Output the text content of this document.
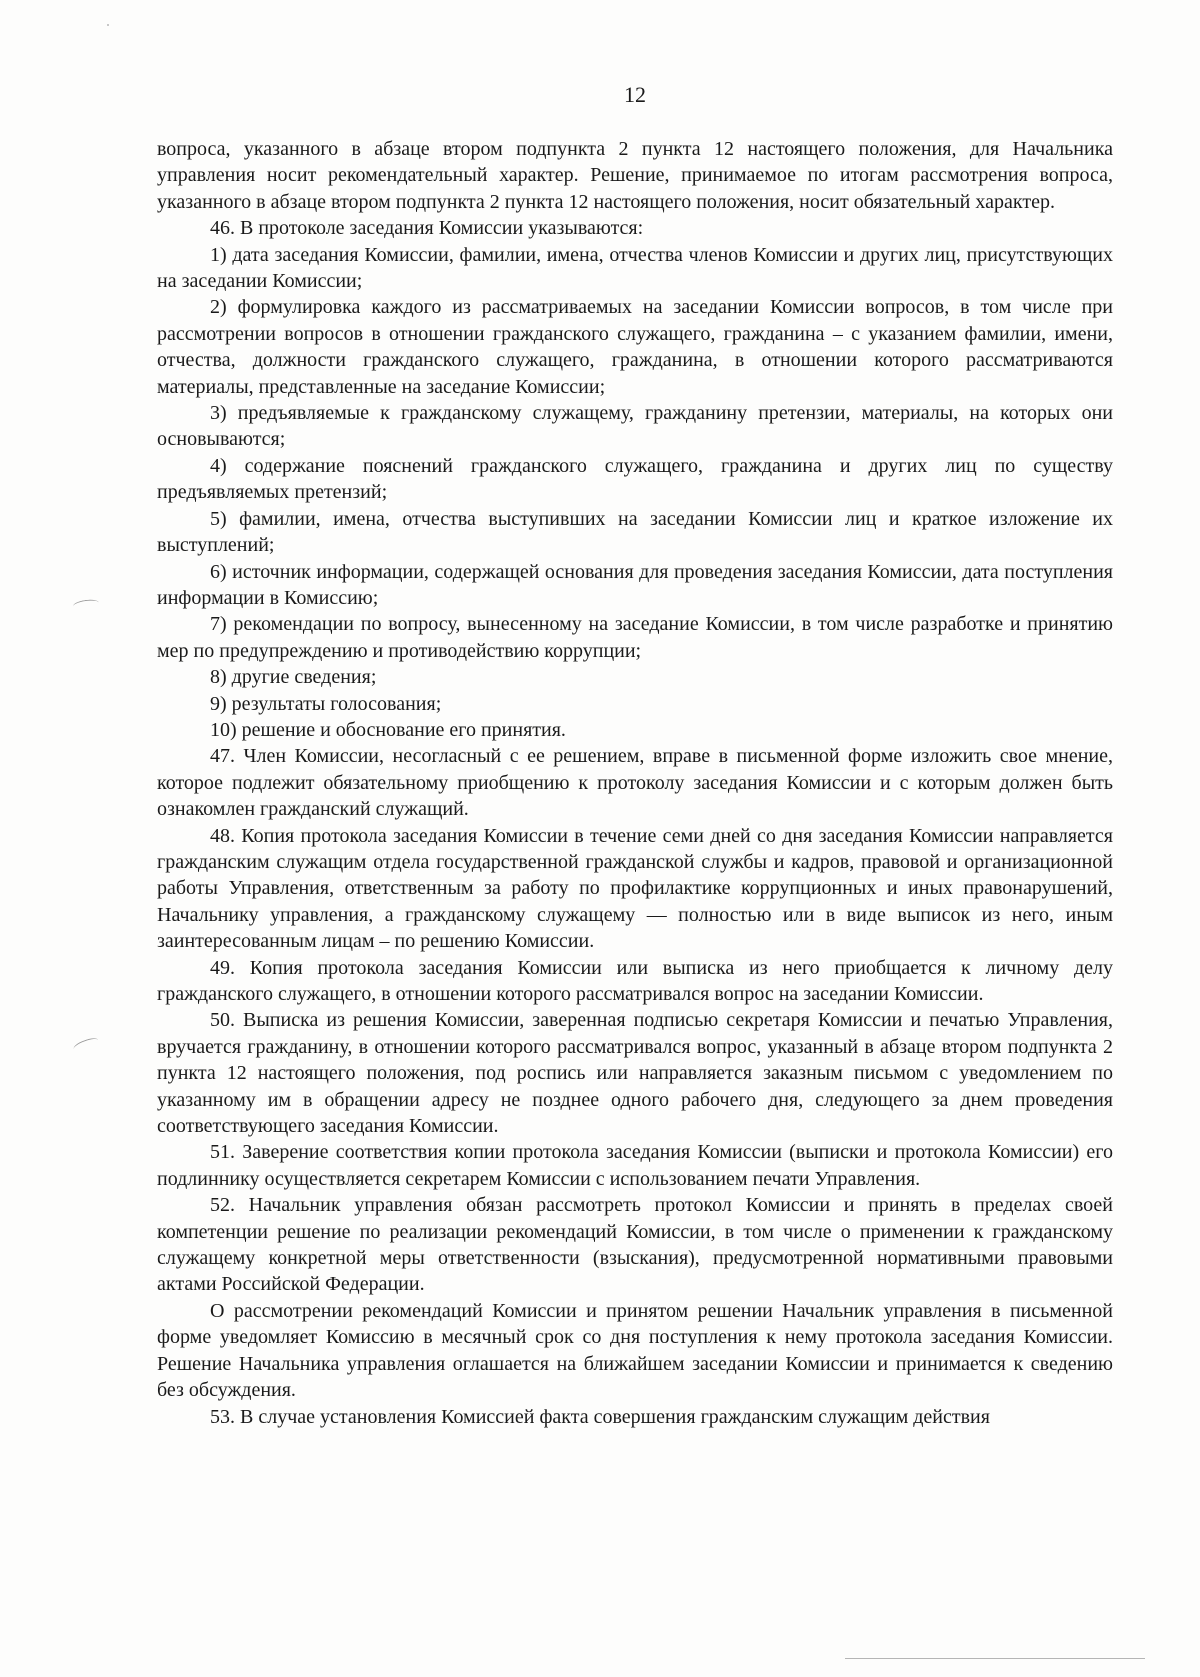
12

вопроса, указанного в абзаце втором подпункта 2 пункта 12 настоящего положения, для Начальника управления носит рекомендательный характер. Решение, принимаемое по итогам рассмотрения вопроса, указанного в абзаце втором подпункта 2 пункта 12 настоящего положения, носит обязательный характер.

46. В протоколе заседания Комиссии указываются:

1) дата заседания Комиссии, фамилии, имена, отчества членов Комиссии и других лиц, присутствующих на заседании Комиссии;

2) формулировка каждого из рассматриваемых на заседании Комиссии вопросов, в том числе при рассмотрении вопросов в отношении гражданского служащего, гражданина – с указанием фамилии, имени, отчества, должности гражданского служащего, гражданина, в отношении которого рассматриваются материалы, представленные на заседание Комиссии;

3) предъявляемые к гражданскому служащему, гражданину претензии, материалы, на которых они основываются;

4) содержание пояснений гражданского служащего, гражданина и других лиц по существу предъявляемых претензий;

5) фамилии, имена, отчества выступивших на заседании Комиссии лиц и краткое изложение их выступлений;

6) источник информации, содержащей основания для проведения заседания Комиссии, дата поступления информации в Комиссию;

7) рекомендации по вопросу, вынесенному на заседание Комиссии, в том числе разработке и принятию мер по предупреждению и противодействию коррупции;

8) другие сведения;

9) результаты голосования;

10) решение и обоснование его принятия.

47. Член Комиссии, несогласный с ее решением, вправе в письменной форме изложить свое мнение, которое подлежит обязательному приобщению к протоколу заседания Комиссии и с которым должен быть ознакомлен гражданский служащий.

48. Копия протокола заседания Комиссии в течение семи дней со дня заседания Комиссии направляется гражданским служащим отдела государственной гражданской службы и кадров, правовой и организационной работы Управления, ответственным за работу по профилактике коррупционных и иных правонарушений, Начальнику управления, а гражданскому служащему — полностью или в виде выписок из него, иным заинтересованным лицам – по решению Комиссии.

49. Копия протокола заседания Комиссии или выписка из него приобщается к личному делу гражданского служащего, в отношении которого рассматривался вопрос на заседании Комиссии.

50. Выписка из решения Комиссии, заверенная подписью секретаря Комиссии и печатью Управления, вручается гражданину, в отношении которого рассматривался вопрос, указанный в абзаце втором подпункта 2 пункта 12 настоящего положения, под роспись или направляется заказным письмом с уведомлением по указанному им в обращении адресу не позднее одного рабочего дня, следующего за днем проведения соответствующего заседания Комиссии.

51. Заверение соответствия копии протокола заседания Комиссии (выписки и протокола Комиссии) его подлиннику осуществляется секретарем Комиссии с использованием печати Управления.

52. Начальник управления обязан рассмотреть протокол Комиссии и принять в пределах своей компетенции решение по реализации рекомендаций Комиссии, в том числе о применении к гражданскому служащему конкретной меры ответственности (взыскания), предусмотренной нормативными правовыми актами Российской Федерации.

О рассмотрении рекомендаций Комиссии и принятом решении Начальник управления в письменной форме уведомляет Комиссию в месячный срок со дня поступления к нему протокола заседания Комиссии. Решение Начальника управления оглашается на ближайшем заседании Комиссии и принимается к сведению без обсуждения.

53. В случае установления Комиссией факта совершения гражданским служащим действия
